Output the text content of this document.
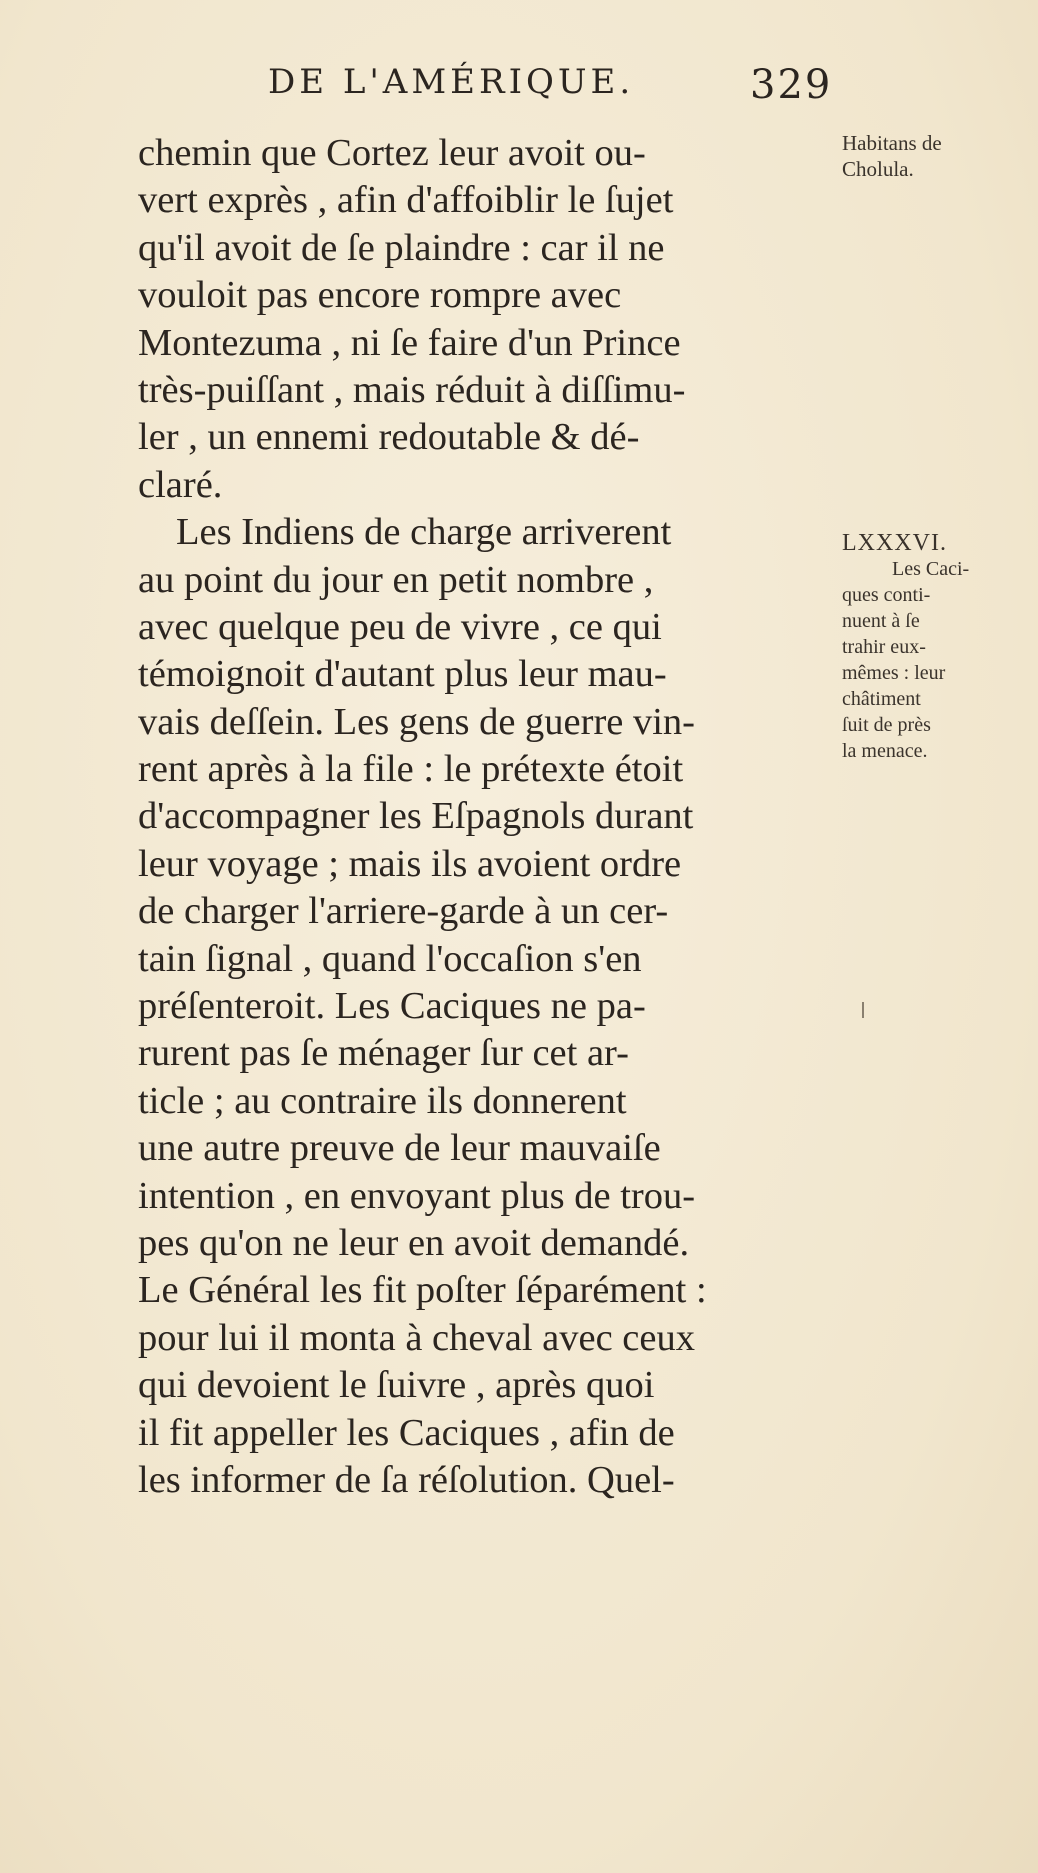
DE L'AMÉRIQUE.	329
chemin que Cortez leur avoit ou-
vert exprès , afin d'affoiblir le ſujet
qu'il avoit de ſe plaindre : car il ne
vouloit pas encore rompre avec
Montezuma , ni ſe faire d'un Prince
très-puiſſant , mais réduit à diſſimu-
ler , un ennemi redoutable & dé-
claré.
Les Indiens de charge arriverent
au point du jour en petit nombre ,
avec quelque peu de vivre , ce qui
témoignoit d'autant plus leur mau-
vais deſſein. Les gens de guerre vin-
rent après à la file : le prétexte étoit
d'accompagner les Eſpagnols durant
leur voyage ; mais ils avoient ordre
de charger l'arriere-garde à un cer-
tain ſignal , quand l'occaſion s'en
préſenteroit. Les Caciques ne pa-
rurent pas ſe ménager ſur cet ar-
ticle ; au contraire ils donnerent
une autre preuve de leur mauvaiſe
intention , en envoyant plus de trou-
pes qu'on ne leur en avoit demandé.
Le Général les fit poſter ſéparément :
pour lui il monta à cheval avec ceux
qui devoient le ſuivre , après quoi
il fit appeller les Caciques , afin de
les informer de ſa réſolution. Quel-
Habitans de
Cholula.
LXXXVI.
Les Caci-
ques conti-
nuent à ſe
trahir eux-
mêmes : leur
châtiment
ſuit de près
la menace.
